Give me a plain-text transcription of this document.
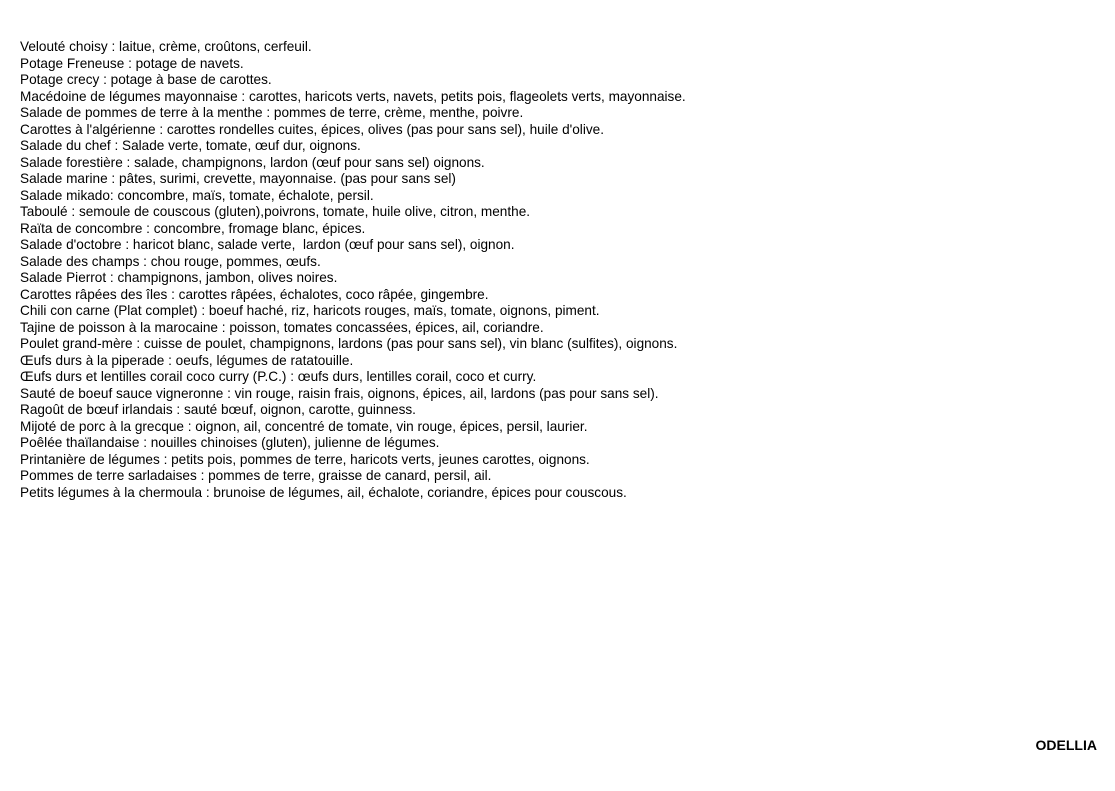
Velouté choisy : laitue, crème, croûtons, cerfeuil.
Potage Freneuse : potage de navets.
Potage crecy : potage à base de carottes.
Macédoine de légumes mayonnaise : carottes, haricots verts, navets, petits pois, flageolets verts, mayonnaise.
Salade de pommes de terre à la menthe : pommes de terre, crème, menthe, poivre.
Carottes à l'algérienne : carottes rondelles cuites, épices, olives (pas pour sans sel), huile d'olive.
Salade du chef : Salade verte, tomate, œuf dur, oignons.
Salade forestière : salade, champignons, lardon (œuf pour sans sel) oignons.
Salade marine : pâtes, surimi, crevette, mayonnaise. (pas pour sans sel)
Salade mikado: concombre, maïs, tomate, échalote, persil.
Taboulé : semoule de couscous (gluten),poivrons, tomate, huile olive, citron, menthe.
Raïta de concombre : concombre, fromage blanc, épices.
Salade d'octobre : haricot blanc, salade verte,  lardon (œuf pour sans sel), oignon.
Salade des champs : chou rouge, pommes, œufs.
Salade Pierrot : champignons, jambon, olives noires.
Carottes râpées des îles : carottes râpées, échalotes, coco râpée, gingembre.
Chili con carne (Plat complet) : boeuf haché, riz, haricots rouges, maïs, tomate, oignons, piment.
Tajine de poisson à la marocaine : poisson, tomates concassées, épices, ail, coriandre.
Poulet grand-mère : cuisse de poulet, champignons, lardons (pas pour sans sel), vin blanc (sulfites), oignons.
Œufs durs à la piperade : oeufs, légumes de ratatouille.
Œufs durs et lentilles corail coco curry (P.C.) : œufs durs, lentilles corail, coco et curry.
Sauté de boeuf sauce vigneronne : vin rouge, raisin frais, oignons, épices, ail, lardons (pas pour sans sel).
Ragoût de bœuf irlandais : sauté bœuf, oignon, carotte, guinness.
Mijoté de porc à la grecque : oignon, ail, concentré de tomate, vin rouge, épices, persil, laurier.
Poêlée thaïlandaise : nouilles chinoises (gluten), julienne de légumes.
Printanière de légumes : petits pois, pommes de terre, haricots verts, jeunes carottes, oignons.
Pommes de terre sarladaises : pommes de terre, graisse de canard, persil, ail.
Petits légumes à la chermoula : brunoise de légumes, ail, échalote, coriandre, épices pour couscous.
ODELLIA
